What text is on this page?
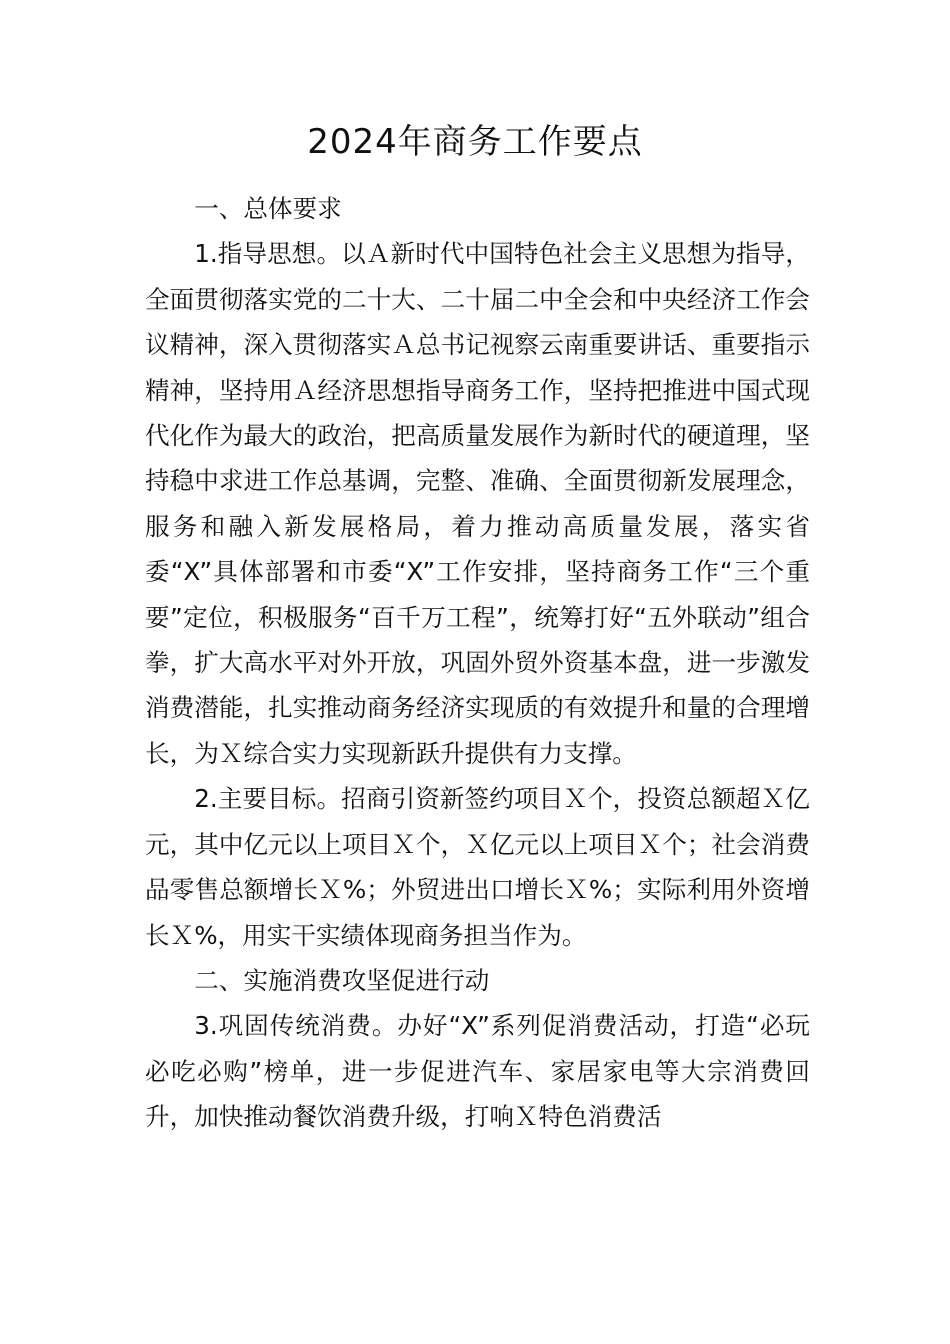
2024年商务工作要点

一、总体要求

1.指导思想。以Ａ新时代中国特色社会主义思想为指导，全面贯彻落实党的二十大、二十届二中全会和中央经济工作会议精神，深入贯彻落实Ａ总书记视察云南重要讲话、重要指示精神，坚持用Ａ经济思想指导商务工作，坚持把推进中国式现代化作为最大的政治，把高质量发展作为新时代的硬道理，坚持稳中求进工作总基调，完整、准确、全面贯彻新发展理念，服务和融入新发展格局，着力推动高质量发展，落实省委“X”具体部署和市委“X”工作安排，坚持商务工作“三个重要”定位，积极服务“百千万工程”，统筹打好“五外联动”组合拳，扩大高水平对外开放，巩固外贸外资基本盘，进一步激发消费潜能，扎实推动商务经济实现质的有效提升和量的合理增长，为Ｘ综合实力实现新跃升提供有力支撑。

2.主要目标。招商引资新签约项目Ｘ个，投资总额超Ｘ亿元，其中亿元以上项目Ｘ个，Ｘ亿元以上项目Ｘ个；社会消费品零售总额增长Ｘ%；外贸进出口增长Ｘ%；实际利用外资增长Ｘ%，用实干实绩体现商务担当作为。

二、实施消费攻坚促进行动

3.巩固传统消费。办好“X”系列促消费活动，打造“必玩必吃必购”榜单，进一步促进汽车、家居家电等大宗消费回升，加快推动餐饮消费升级，打响Ｘ特色消费活
